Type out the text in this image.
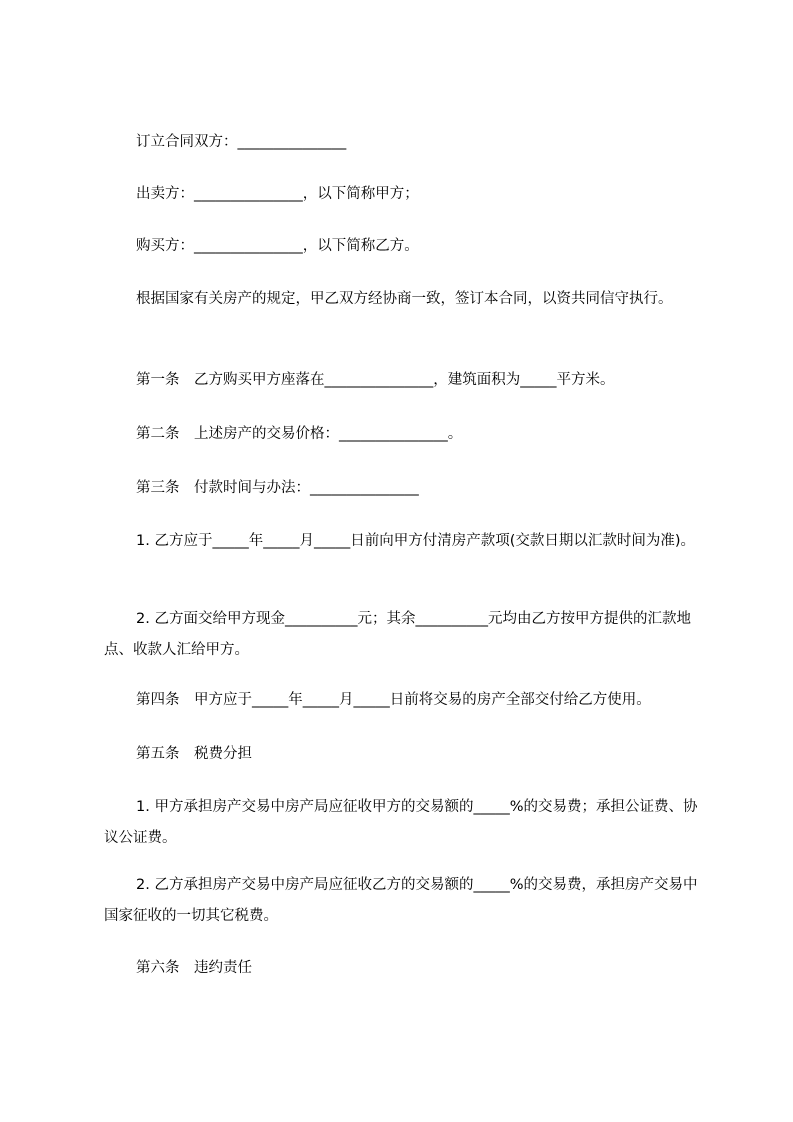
订立合同双方：_______________
出卖方：_______________，以下简称甲方；
购买方：_______________，以下简称乙方。
根据国家有关房产的规定，甲乙双方经协商一致，签订本合同，以资共同信守执行。
第一条　乙方购买甲方座落在_______________，建筑面积为_____平方米。
第二条　上述房产的交易价格：_______________。
第三条　付款时间与办法：_______________
1. 乙方应于_____年_____月_____日前向甲方付清房产款项(交款日期以汇款时间为准)。
2. 乙方面交给甲方现金__________元；其余__________元均由乙方按甲方提供的汇款地点、收款人汇给甲方。
第四条　甲方应于_____年_____月_____日前将交易的房产全部交付给乙方使用。
第五条　税费分担
1. 甲方承担房产交易中房产局应征收甲方的交易额的_____%的交易费；承担公证费、协议公证费。
2. 乙方承担房产交易中房产局应征收乙方的交易额的_____%的交易费，承担房产交易中国家征收的一切其它税费。
第六条　违约责任
